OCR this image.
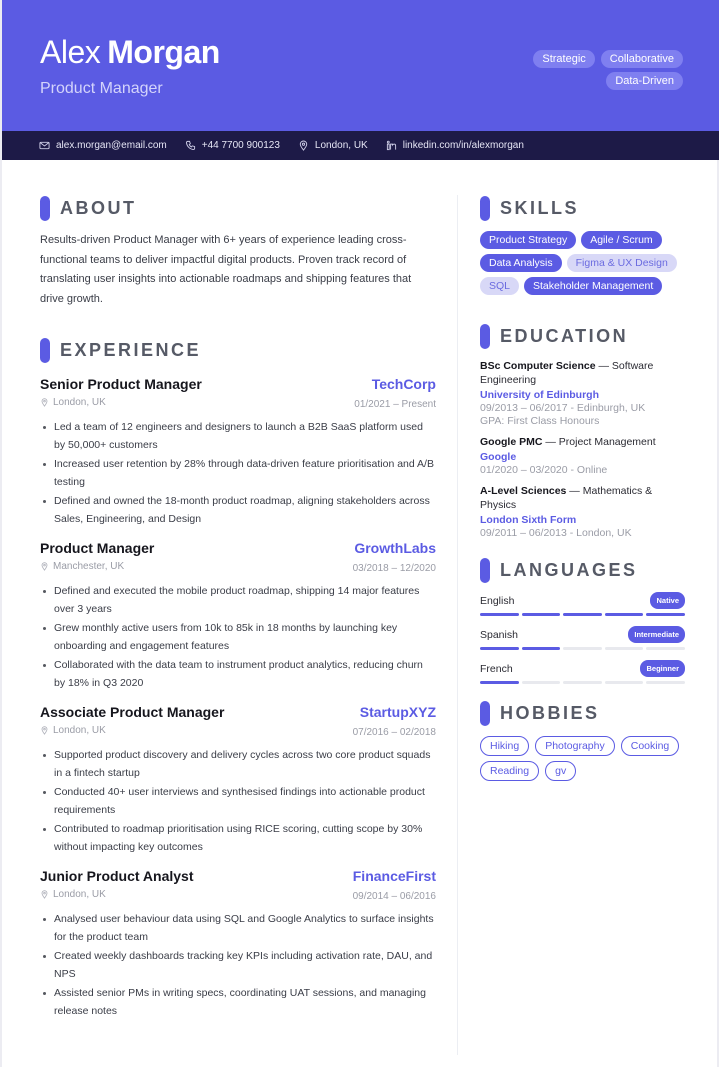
Alex Morgan
Product Manager
Strategic	Collaborative
Data-Driven
alex.morgan@email.com	+44 7700 900123	London, UK	linkedin.com/in/alexmorgan
ABOUT

Results-driven Product Manager with 6+ years of experience leading cross-functional teams to deliver impactful digital products. Proven track record of translating user insights into actionable roadmaps and shipping features that drive growth.

EXPERIENCE
Senior Product Manager	TechCorp
London, UK	01/2021 – Present
Led a team of 12 engineers and designers to launch a B2B SaaS platform used by 50,000+ customers
Increased user retention by 28% through data-driven feature prioritisation and A/B testing
Defined and owned the 18-month product roadmap, aligning stakeholders across Sales, Engineering, and Design
Product Manager	GrowthLabs
Manchester, UK	03/2018 – 12/2020
Defined and executed the mobile product roadmap, shipping 14 major features over 3 years
Grew monthly active users from 10k to 85k in 18 months by launching key onboarding and engagement features
Collaborated with the data team to instrument product analytics, reducing churn by 18% in Q3 2020
Associate Product Manager	StartupXYZ
London, UK	07/2016 – 02/2018
Supported product discovery and delivery cycles across two core product squads in a fintech startup
Conducted 40+ user interviews and synthesised findings into actionable product requirements
Contributed to roadmap prioritisation using RICE scoring, cutting scope by 30% without impacting key outcomes
Junior Product Analyst	FinanceFirst
London, UK	09/2014 – 06/2016
Analysed user behaviour data using SQL and Google Analytics to surface insights for the product team
Created weekly dashboards tracking key KPIs including activation rate, DAU, and NPS
Assisted senior PMs in writing specs, coordinating UAT sessions, and managing release notes
SKILLS
Product Strategy	Agile / Scrum
Data Analysis	Figma & UX Design
SQL	Stakeholder Management
EDUCATION
BSc Computer Science — Software Engineering
University of Edinburgh
09/2013 – 06/2017 - Edinburgh, UK
GPA: First Class Honours
Google PMC — Project Management
Google
01/2020 – 03/2020 - Online
A-Level Sciences — Mathematics & Physics
London Sixth Form
09/2011 – 06/2013 - London, UK
LANGUAGES
English	Native
Spanish	Intermediate
French	Beginner
HOBBIES
Hiking	Photography	Cooking
Reading	gv
